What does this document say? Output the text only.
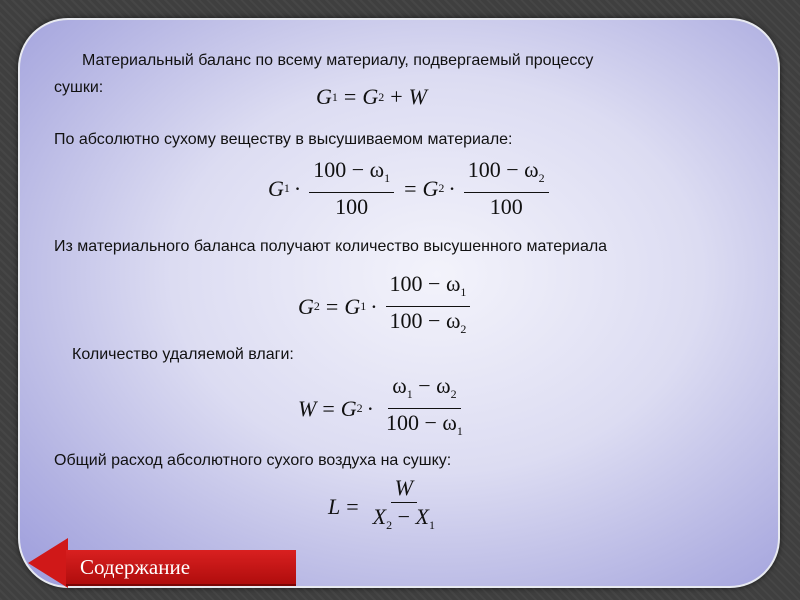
Материальный баланс по всему материалу, подвергаемый процессу

сушки:	G 1 = G 2 + W

По абсолютно сухому веществу в высушиваемом материале:

G $1 \cdot \frac{100 - \omega_1}{100} = G$ $2 \cdot \frac{100 - \omega_2}{100}$

Из материального баланса получают количество высушенного материала

G 2 = G $1 \cdot \frac{100 - \omega_1}{100 - \omega_2}$

Количество удаляемой влаги:

W = G $2 \cdot \frac{\omega_1 - \omega_2}{100 - \omega_1}$

Общий расход абсолютного сухого воздуха на сушку:

$L = \frac{W}{X_2 - X_1}$
Содержание
